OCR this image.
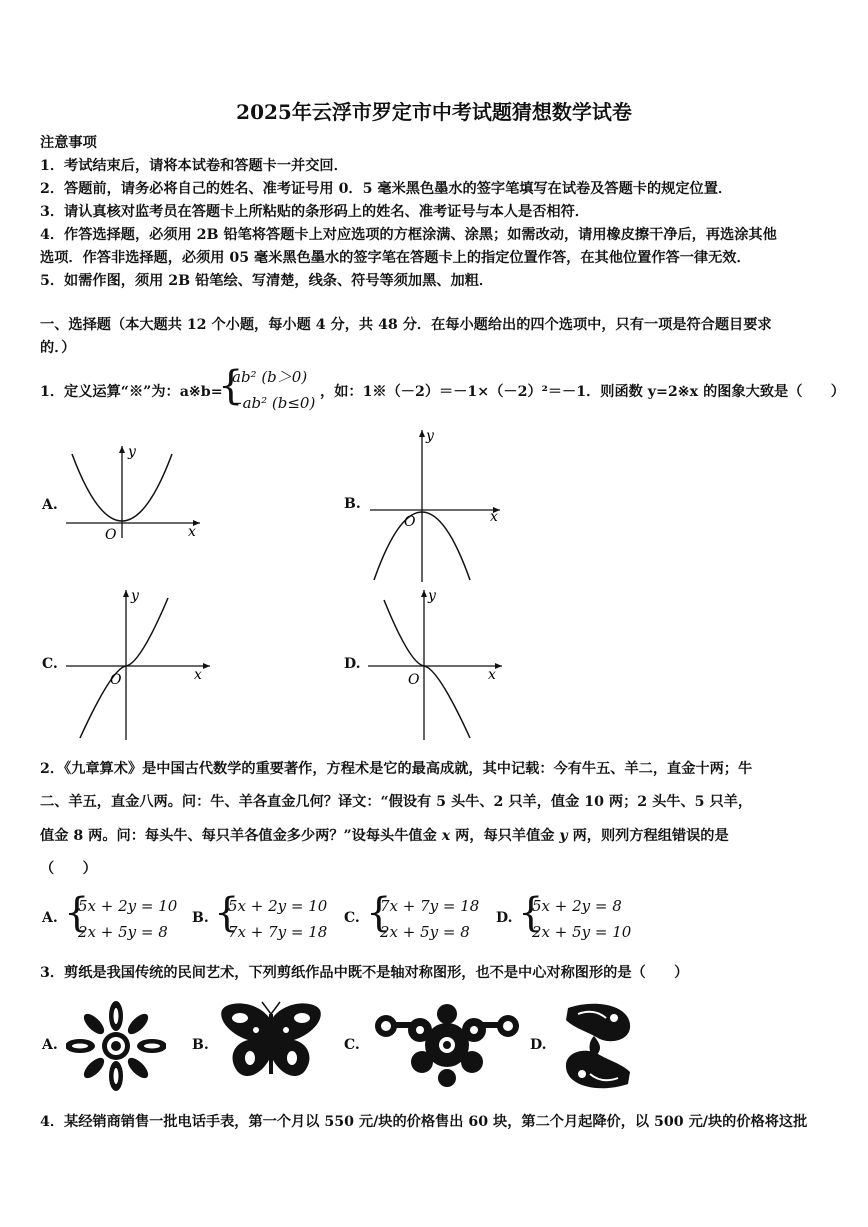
2025年云浮市罗定市中考试题猜想数学试卷
注意事项
1．考试结束后，请将本试卷和答题卡一并交回．
2．答题前，请务必将自己的姓名、准考证号用 0．5 毫米黑色墨水的签字笔填写在试卷及答题卡的规定位置．
3．请认真核对监考员在答题卡上所粘贴的条形码上的姓名、准考证号与本人是否相符．
4．作答选择题，必须用 2B 铅笔将答题卡上对应选项的方框涂满、涂黑；如需改动，请用橡皮擦干净后，再选涂其他
选项．作答非选择题，必须用 05 毫米黑色墨水的签字笔在答题卡上的指定位置作答，在其他位置作答一律无效．
5．如需作图，须用 2B 铅笔绘、写清楚，线条、符号等须加黑、加粗．
一、选择题（本大题共 12 个小题，每小题 4 分，共 48 分．在每小题给出的四个选项中，只有一项是符合题目要求
的．）
1．定义运算“※”为：a※b=
{
ab² (b＞0)
−ab² (b≤0)
，如：1※（－2）＝－1×（－2）²＝－1．则函数 y=2※x 的图象大致是（　　）
A.
y
x
O
B.
y
x
O
C.
y
x
O
D.
y
x
O
2．《九章算术》是中国古代数学的重要著作，方程术是它的最高成就，其中记载：今有牛五、羊二，直金十两；牛
二、羊五，直金八两。问：牛、羊各直金几何？译文：“假设有 5 头牛、2 只羊，值金 10 两；2 头牛、5 只羊，
值金 8 两。问：每头牛、每只羊各值金多少两？”设每头牛值金 x 两，每只羊值金 y 两，则列方程组错误的是
（　　）
A. {
5x + 2y = 10
2x + 5y = 8
B. {
5x + 2y = 10
7x + 7y = 18
C. {
7x + 7y = 18
2x + 5y = 8
D. {
5x + 2y = 8
2x + 5y = 10
3．剪纸是我国传统的民间艺术，下列剪纸作品中既不是轴对称图形，也不是中心对称图形的是（　　）
A.	B.	C.	D.
4．某经销商销售一批电话手表，第一个月以 550 元/块的价格售出 60 块，第二个月起降价，以 500 元/块的价格将这批
